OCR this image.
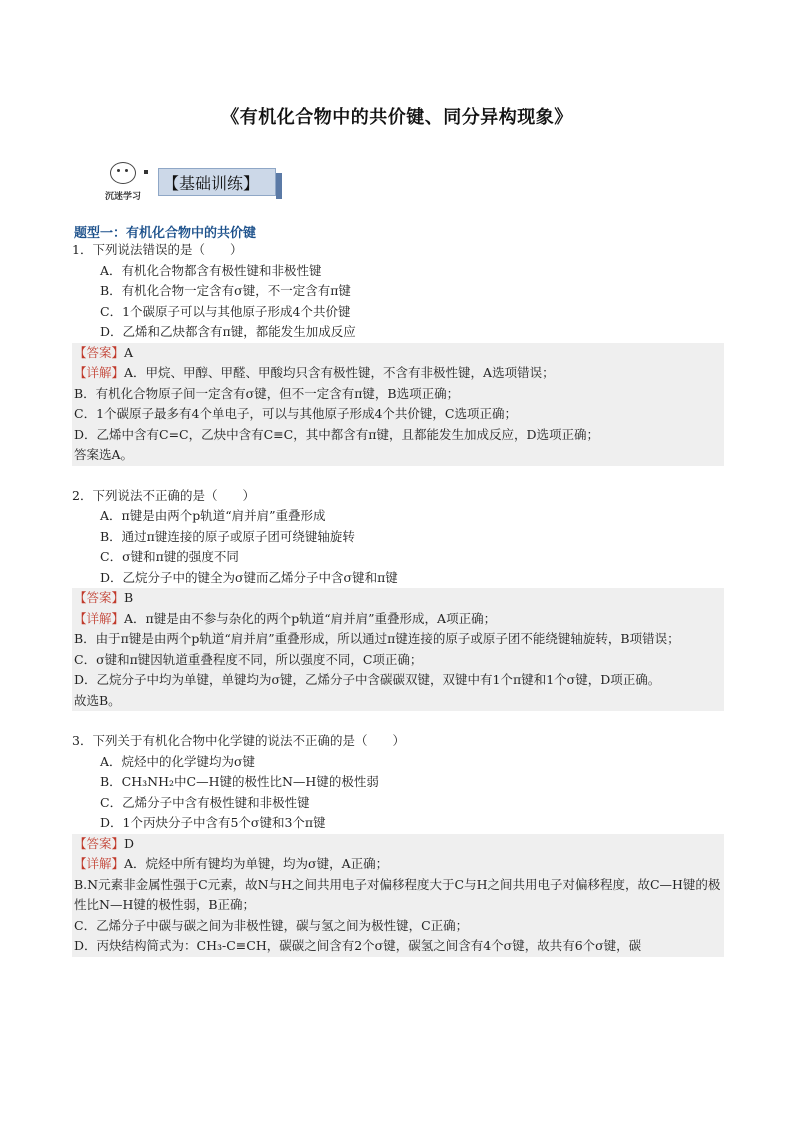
《有机化合物中的共价键、同分异构现象》
沉迷学习
【基础训练】
题型一：有机化合物中的共价键
1．下列说法错误的是（　　）
A．有机化合物都含有极性键和非极性键
B．有机化合物一定含有σ键，不一定含有π键
C．1个碳原子可以与其他原子形成4个共价键
D．乙烯和乙炔都含有π键，都能发生加成反应
【答案】A
【详解】A．甲烷、甲醇、甲醛、甲酸均只含有极性键，不含有非极性键，A选项错误；
B．有机化合物原子间一定含有σ键，但不一定含有π键，B选项正确；
C．1个碳原子最多有4个单电子，可以与其他原子形成4个共价键，C选项正确；
D．乙烯中含有C=C，乙炔中含有C≡C，其中都含有π键，且都能发生加成反应，D选项正确；
答案选A。
2．下列说法不正确的是（　　）
A．π键是由两个p轨道“肩并肩”重叠形成
B．通过π键连接的原子或原子团可绕键轴旋转
C．σ键和π键的强度不同
D．乙烷分子中的键全为σ键而乙烯分子中含σ键和π键
【答案】B
【详解】A．π键是由不参与杂化的两个p轨道“肩并肩”重叠形成，A项正确；
B．由于π键是由两个p轨道“肩并肩”重叠形成，所以通过π键连接的原子或原子团不能绕键轴旋转，B项错误；
C．σ键和π键因轨道重叠程度不同，所以强度不同，C项正确；
D．乙烷分子中均为单键，单键均为σ键，乙烯分子中含碳碳双键，双键中有1个π键和1个σ键，D项正确。
故选B。
3．下列关于有机化合物中化学键的说法不正确的是（　　）
A．烷烃中的化学键均为σ键
B．CH₃NH₂中C—H键的极性比N—H键的极性弱
C．乙烯分子中含有极性键和非极性键
D．1个丙炔分子中含有5个σ键和3个π键
【答案】D
【详解】A．烷烃中所有键均为单键，均为σ键，A正确；
B.N元素非金属性强于C元素，故N与H之间共用电子对偏移程度大于C与H之间共用电子对偏移程度，故C—H键的极性比N—H键的极性弱，B正确；
C．乙烯分子中碳与碳之间为非极性键，碳与氢之间为极性键，C正确；
D．丙炔结构简式为：CH₃-C≡CH，碳碳之间含有2个σ键，碳氢之间含有4个σ键，故共有6个σ键，碳
